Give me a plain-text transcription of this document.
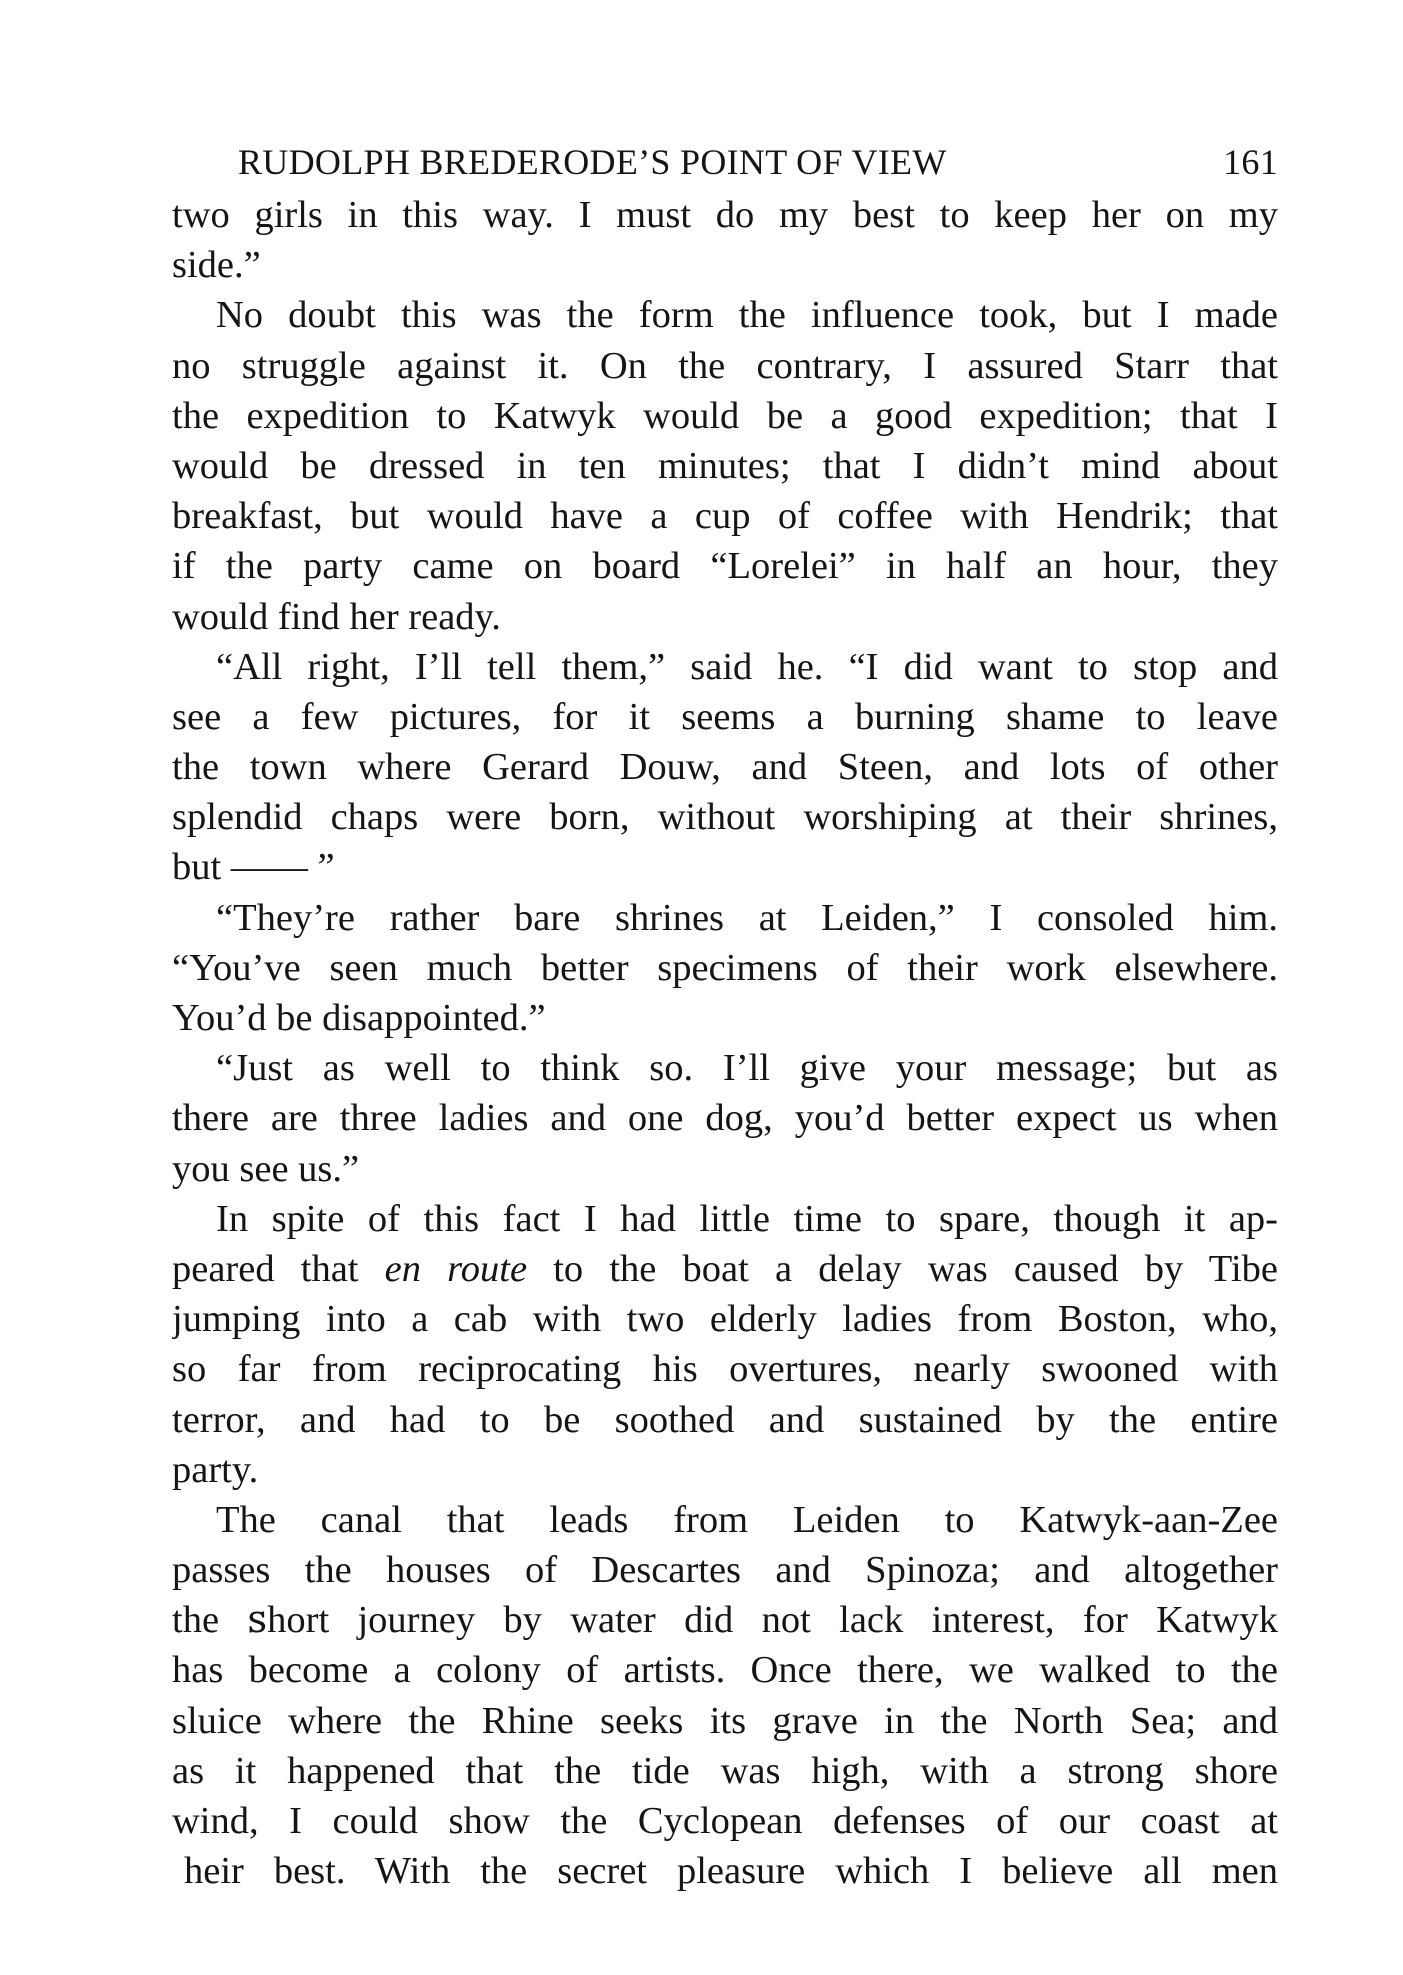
RUDOLPH BREDERODE’S POINT OF VIEW	161
two girls in this way. I must do my best to keep her on my
side.”
No doubt this was the form the influence took, but I made
no struggle against it. On the contrary, I assured Starr that
the expedition to Katwyk would be a good expedition; that I
would be dressed in ten minutes; that I didn’t mind about
breakfast, but would have a cup of coffee with Hendrik; that
if the party came on board “Lorelei” in half an hour, they
would find her ready.
“All right, I’ll tell them,” said he. “I did want to stop and
see a few pictures, for it seems a burning shame to leave
the town where Gerard Douw, and Steen, and lots of other
splendid chaps were born, without worshiping at their shrines,
but —— ”
“They’re rather bare shrines at Leiden,” I consoled him.
“You’ve seen much better specimens of their work elsewhere.
You’d be disappointed.”
“Just as well to think so. I’ll give your message; but as
there are three ladies and one dog, you’d better expect us when
you see us.”
In spite of this fact I had little time to spare, though it ap-
peared that en route to the boat a delay was caused by Tibe
jumping into a cab with two elderly ladies from Boston, who,
so far from reciprocating his overtures, nearly swooned with
terror, and had to be soothed and sustained by the entire
party.
The canal that leads from Leiden to Katwyk-aan-Zee
passes the houses of Descartes and Spinoza; and altogether
the ꜱhort journey by water did not lack interest, for Katwyk
has become a colony of artists. Once there, we walked to the
sluice where the Rhine seeks its grave in the North Sea; and
as it happened that the tide was high, with a strong shore
wind, I could show the Cyclopean defenses of our coast at
heir best. With the secret pleasure which I believe all men
